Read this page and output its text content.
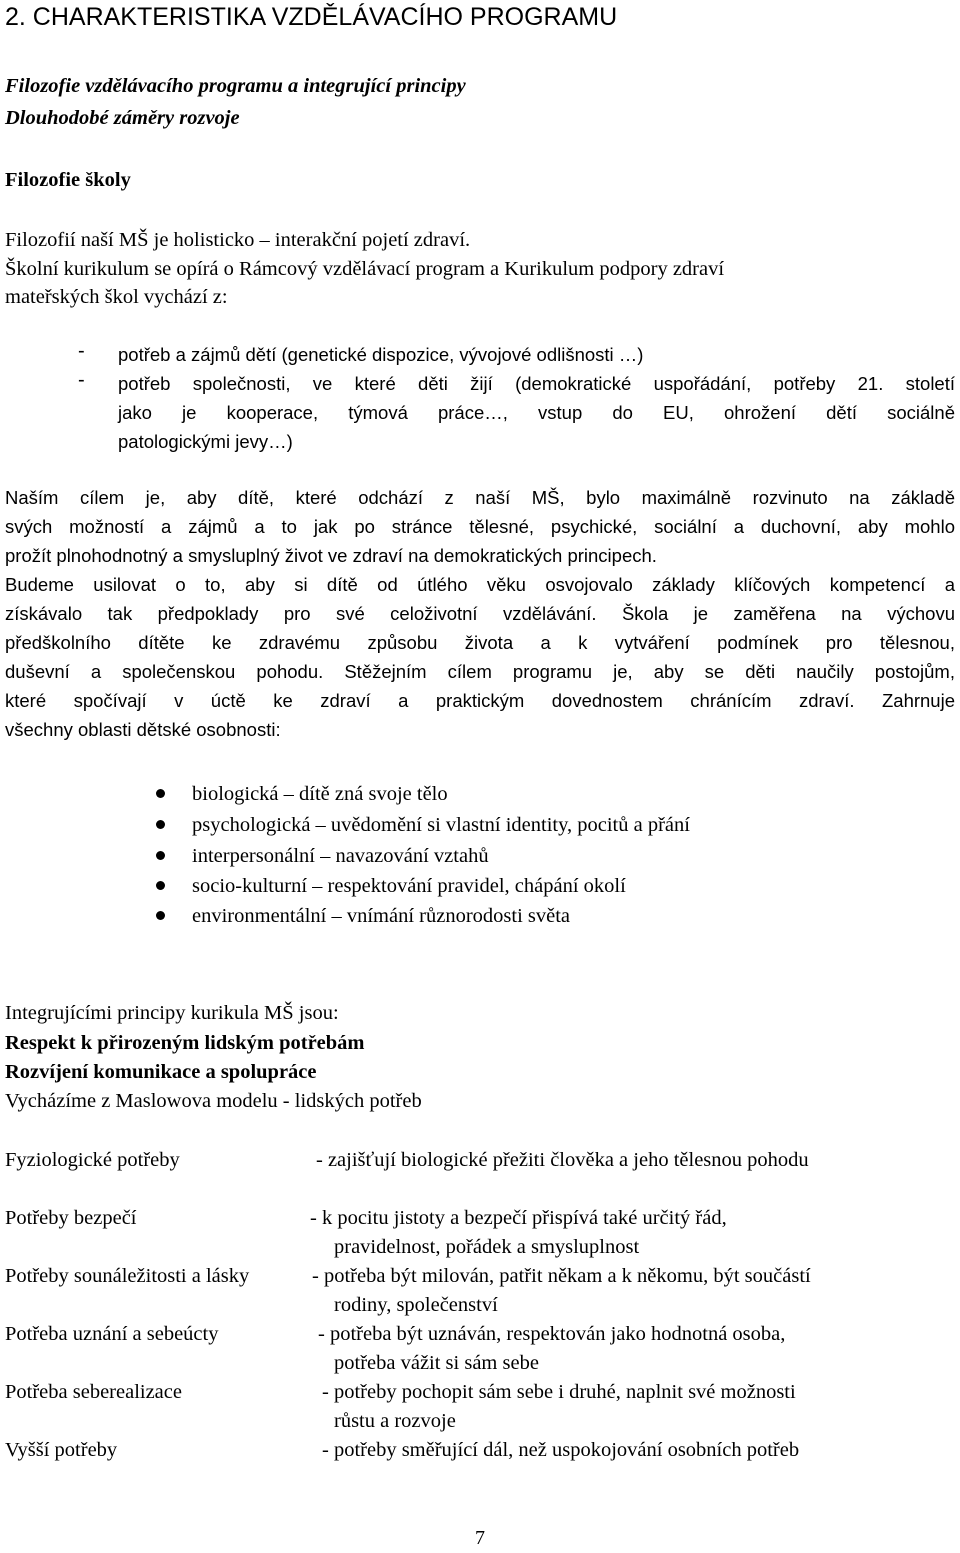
2. CHARAKTERISTIKA VZDĚLÁVACÍHO PROGRAMU
Filozofie vzdělávacího programu a integrující principy
Dlouhodobé záměry rozvoje
Filozofie školy
Filozofií naší MŠ je holisticko – interakční pojetí zdraví.
Školní kurikulum se opírá o Rámcový vzdělávací program a Kurikulum podpory zdraví
mateřských škol vychází z:
- potřeb a zájmů dětí (genetické dispozice, vývojové odlišnosti …)
- potřeb společnosti, ve které děti žijí (demokratické uspořádání, potřeby 21. století
jako je kooperace, týmová práce…, vstup do EU, ohrožení dětí sociálně
patologickými jevy…)
Naším cílem je, aby dítě, které odchází z naší MŠ, bylo maximálně rozvinuto na základě
svých možností a zájmů a to jak po stránce tělesné, psychické, sociální a duchovní, aby mohlo
prožít plnohodnotný a smysluplný život ve zdraví na demokratických principech.
Budeme usilovat o to, aby si dítě od útlého věku osvojovalo základy klíčových kompetencí a
získávalo tak předpoklady pro své celoživotní vzdělávání. Škola je zaměřena na výchovu
předškolního dítěte ke zdravému způsobu života a k vytváření podmínek pro tělesnou,
duševní a společenskou pohodu. Stěžejním cílem programu je, aby se děti naučily postojům,
které spočívají v úctě ke zdraví a praktickým dovednostem chránícím zdraví. Zahrnuje
všechny oblasti dětské osobnosti:
biologická – dítě zná svoje tělo
psychologická – uvědomění si vlastní identity, pocitů a přání
interpersonální – navazování vztahů
socio-kulturní – respektování pravidel, chápání okolí
environmentální – vnímání různorodosti světa
Integrujícími principy kurikula MŠ jsou:
Respekt k přirozeným lidským potřebám
Rozvíjení komunikace a spolupráce
Vycházíme z Maslowova modelu - lidských potřeb
Fyziologické potřeby	- zajišťují biologické přežiti člověka a jeho tělesnou pohodu
Potřeby bezpečí	- k pocitu jistoty a bezpečí přispívá také určitý řád,
pravidelnost, pořádek a smysluplnost
Potřeby sounáležitosti a lásky	- potřeba být milován, patřit někam a k někomu, být součástí
rodiny, společenství
Potřeba uznání a sebeúcty	- potřeba být uznáván, respektován jako hodnotná osoba,
potřeba vážit si sám sebe
Potřeba seberealizace	- potřeby pochopit sám sebe i druhé, naplnit své možnosti
růstu a rozvoje
Vyšší potřeby	- potřeby směřující dál, než uspokojování osobních potřeb
7
